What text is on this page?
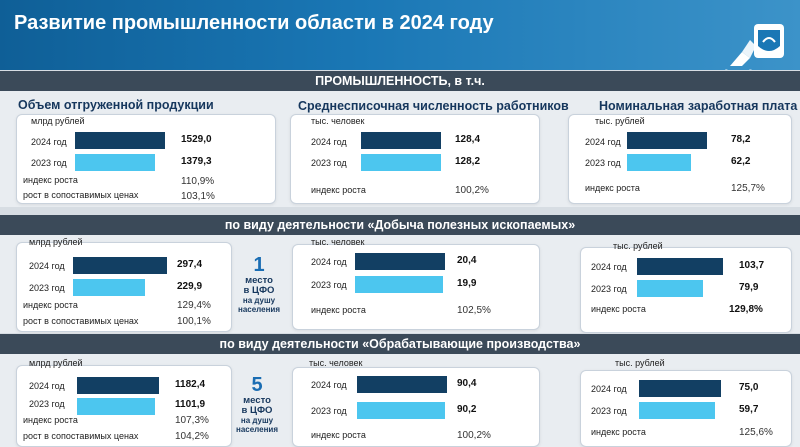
Развитие промышленности области в 2024 году
ПРОМЫШЛЕННОСТЬ, в т.ч.
Объем отгруженной продукции	Среднесписочная численность работников Номинальная заработная плата
млрд рублей
2024 год	1529,0
2023 год	1379,3
индекс роста	110,9%
рост в сопоставимых ценах	103,1%
тыс. человек
2024 год	128,4
2023 год	128,2
индекс роста	100,2%
тыс. рублей
2024 год	78,2
2023 год	62,2
индекс роста	125,7%
по виду деятельности «Добыча полезных ископаемых»
млрд рублей
2024 год	297,4
2023 год	229,9
индекс роста	129,4%
рост в сопоставимых ценах	100,1%
1
место
в ЦФО
на душу
населения
тыс. человек
2024 год	20,4
2023 год	19,9
индекс роста	102,5%
тыс. рублей
2024 год	103,7
2023 год	79,9
индекс роста	129,8%
по виду деятельности «Обрабатывающие производства»
млрд рублей
2024 год	1182,4
2023 год	1101,9
индекс роста	107,3%
рост в сопоставимых ценах	104,2%
5
место
в ЦФО
на душу
населения
тыс. человек
2024 год	90,4
2023 год	90,2
индекс роста	100,2%
тыс. рублей
2024 год	75,0
2023 год	59,7
индекс роста	125,6%
